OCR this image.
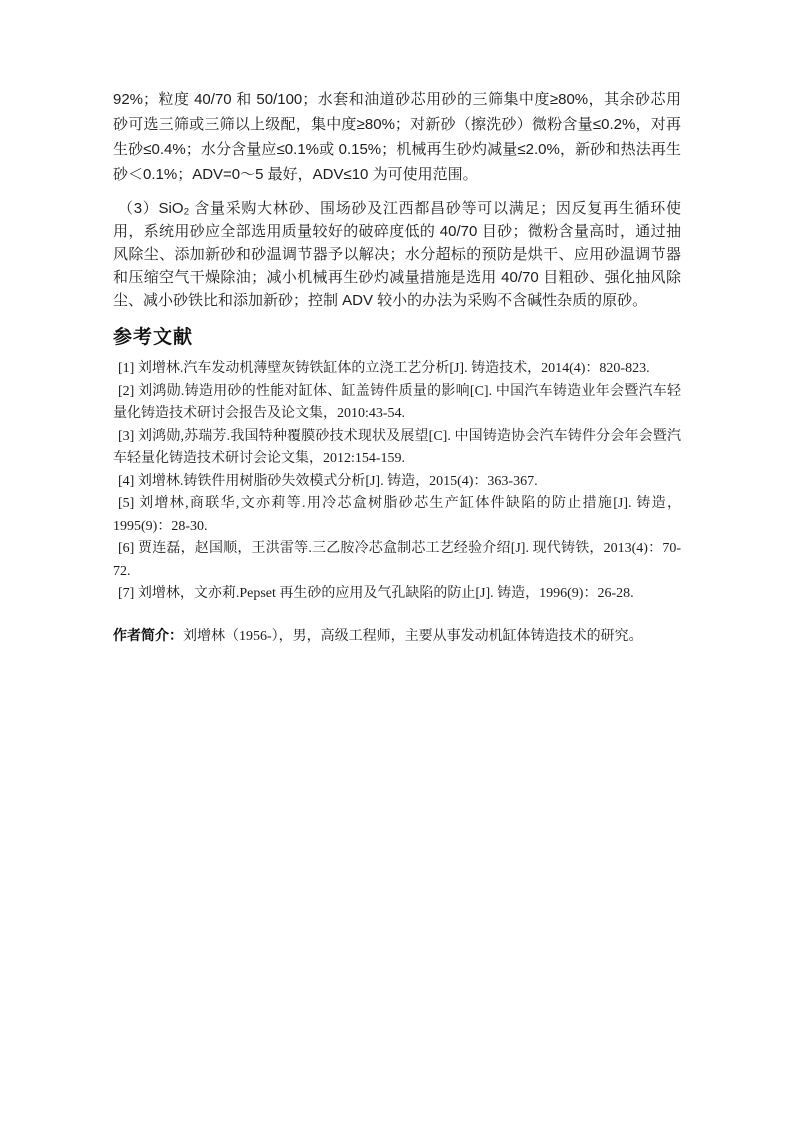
92%；粒度 40/70 和 50/100；水套和油道砂芯用砂的三筛集中度≥80%，其余砂芯用砂可选三筛或三筛以上级配，集中度≥80%；对新砂（擦洗砂）微粉含量≤0.2%，对再生砂≤0.4%；水分含量应≤0.1%或 0.15%；机械再生砂灼减量≤2.0%，新砂和热法再生砂＜0.1%；ADV=0～5 最好，ADV≤10 为可使用范围。

（3）SiO₂ 含量采购大林砂、围场砂及江西都昌砂等可以满足；因反复再生循环使用，系统用砂应全部选用质量较好的破碎度低的 40/70 目砂；微粉含量高时，通过抽风除尘、添加新砂和砂温调节器予以解决；水分超标的预防是烘干、应用砂温调节器和压缩空气干燥除油；减小机械再生砂灼减量措施是选用 40/70 目粗砂、强化抽风除尘、减小砂铁比和添加新砂；控制 ADV 较小的办法为采购不含碱性杂质的原砂。

参考文献

[1] 刘增林.汽车发动机薄壁灰铸铁缸体的立浇工艺分析[J]. 铸造技术，2014(4)：820-823.

[2] 刘鸿勋.铸造用砂的性能对缸体、缸盖铸件质量的影响[C]. 中国汽车铸造业年会暨汽车轻量化铸造技术研讨会报告及论文集，2010:43-54.

[3] 刘鸿勋,苏瑞芳.我国特种覆膜砂技术现状及展望[C]. 中国铸造协会汽车铸件分会年会暨汽车轻量化铸造技术研讨会论文集，2012:154-159.

[4] 刘增林.铸铁件用树脂砂失效模式分析[J]. 铸造，2015(4)：363-367.

[5] 刘增林,商联华,文亦莉等.用冷芯盒树脂砂芯生产缸体件缺陷的防止措施[J]. 铸造，1995(9)：28-30.

[6] 贾连磊，赵国顺，王洪雷等.三乙胺冷芯盒制芯工艺经验介绍[J]. 现代铸铁，2013(4)：70-72.

[7] 刘增林，文亦莉.Pepset 再生砂的应用及气孔缺陷的防止[J]. 铸造，1996(9)：26-28.

作者简介：刘增林（1956-），男，高级工程师，主要从事发动机缸体铸造技术的研究。
